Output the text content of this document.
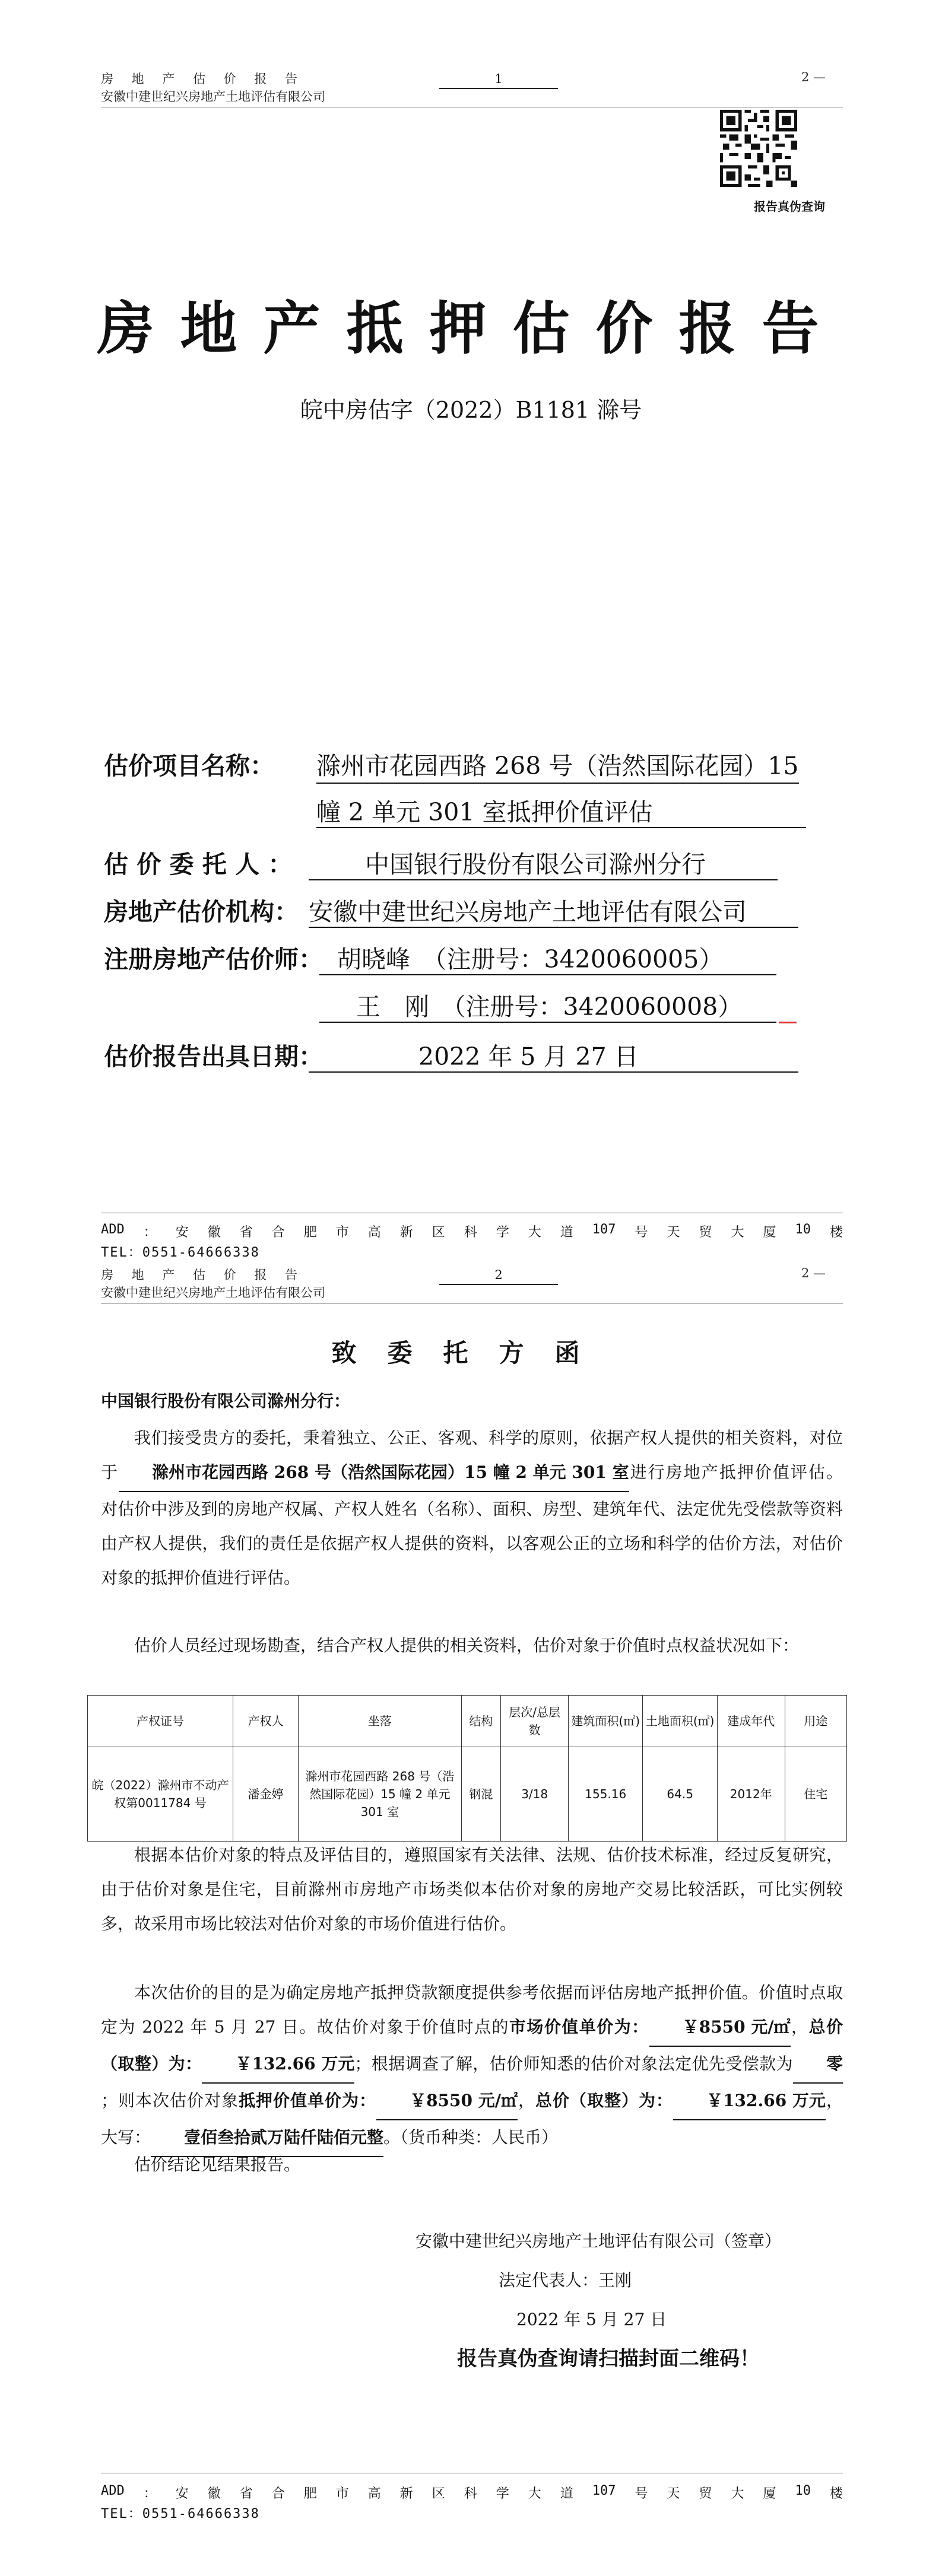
房 地 产 估 价 报 告	1	2 —
安徽中建世纪兴房地产土地评估有限公司
报告真伪查询
房地产抵押估价报告
皖中房估字（2022）B1181 滁号
估价项目名称： 滁州市花园西路 268 号（浩然国际花园）15
幢 2 单元 301 室抵押价值评估
估 价 委 托 人 ：	中国银行股份有限公司滁州分行
房地产估价机构： 安徽中建世纪兴房地产土地评估有限公司
注册房地产估价师： 胡晓峰　（注册号：3420060005）
王　刚　（注册号：3420060008）
估价报告出具日期：	2022 年 5 月 27 日
ADD ： 安 徽 省 合 肥 市 高 新 区 科 学 大 道 107 号 天 贸 大 厦 10 楼
TEL：0551-64666338
房 地 产 估 价 报 告	2	2 —
安徽中建世纪兴房地产土地评估有限公司
致委托方函
中国银行股份有限公司滁州分行：
我们接受贵方的委托，秉着独立、公正、客观、科学的原则，依据产权人提供的相关资料，对位于 滁州市花园西路 268 号（浩然国际花园）15 幢 2 单元 301 室进行房地产抵押价值评估。对估价中涉及到的房地产权属、产权人姓名（名称）、面积、房型、建筑年代、法定优先受偿款等资料由产权人提供，我们的责任是依据产权人提供的资料，以客观公正的立场和科学的估价方法，对估价对象的抵押价值进行评估。
估价人员经过现场勘查，结合产权人提供的相关资料，估价对象于价值时点权益状况如下：
产权证号	产权人	坐落	结构	层次/总层数	建筑面积(㎡)	土地面积(㎡)	建成年代	用途
皖（2022）滁州市不动产权第0011784 号	潘金婷	滁州市花园西路 268 号（浩然国际花园）15 幢 2 单元 301 室	钢混	3/18	155.16	64.5	2012年	住宅
根据本估价对象的特点及评估目的，遵照国家有关法律、法规、估价技术标准，经过反复研究，由于估价对象是住宅，目前滁州市房地产市场类似本估价对象的房地产交易比较活跃，可比实例较多，故采用市场比较法对估价对象的市场价值进行估价。
本次估价的目的是为确定房地产抵押贷款额度提供参考依据而评估房地产抵押价值。价值时点取定为 2022 年 5 月 27 日。故估价对象于价值时点的市场价值单价为： ￥8550 元/㎡，总价（取整）为： ￥132.66 万元；根据调查了解，估价师知悉的估价对象法定优先受偿款为 零；则本次估价对象抵押价值单价为： ￥8550 元/㎡，总价（取整）为： ￥132.66 万元，大写： 壹佰叁拾贰万陆仟陆佰元整。（货币种类：人民币）
估价结论见结果报告。
安徽中建世纪兴房地产土地评估有限公司（签章）
法定代表人：王刚
2022 年 5 月 27 日
报告真伪查询请扫描封面二维码！
ADD ： 安 徽 省 合 肥 市 高 新 区 科 学 大 道 107 号 天 贸 大 厦 10 楼
TEL：0551-64666338
